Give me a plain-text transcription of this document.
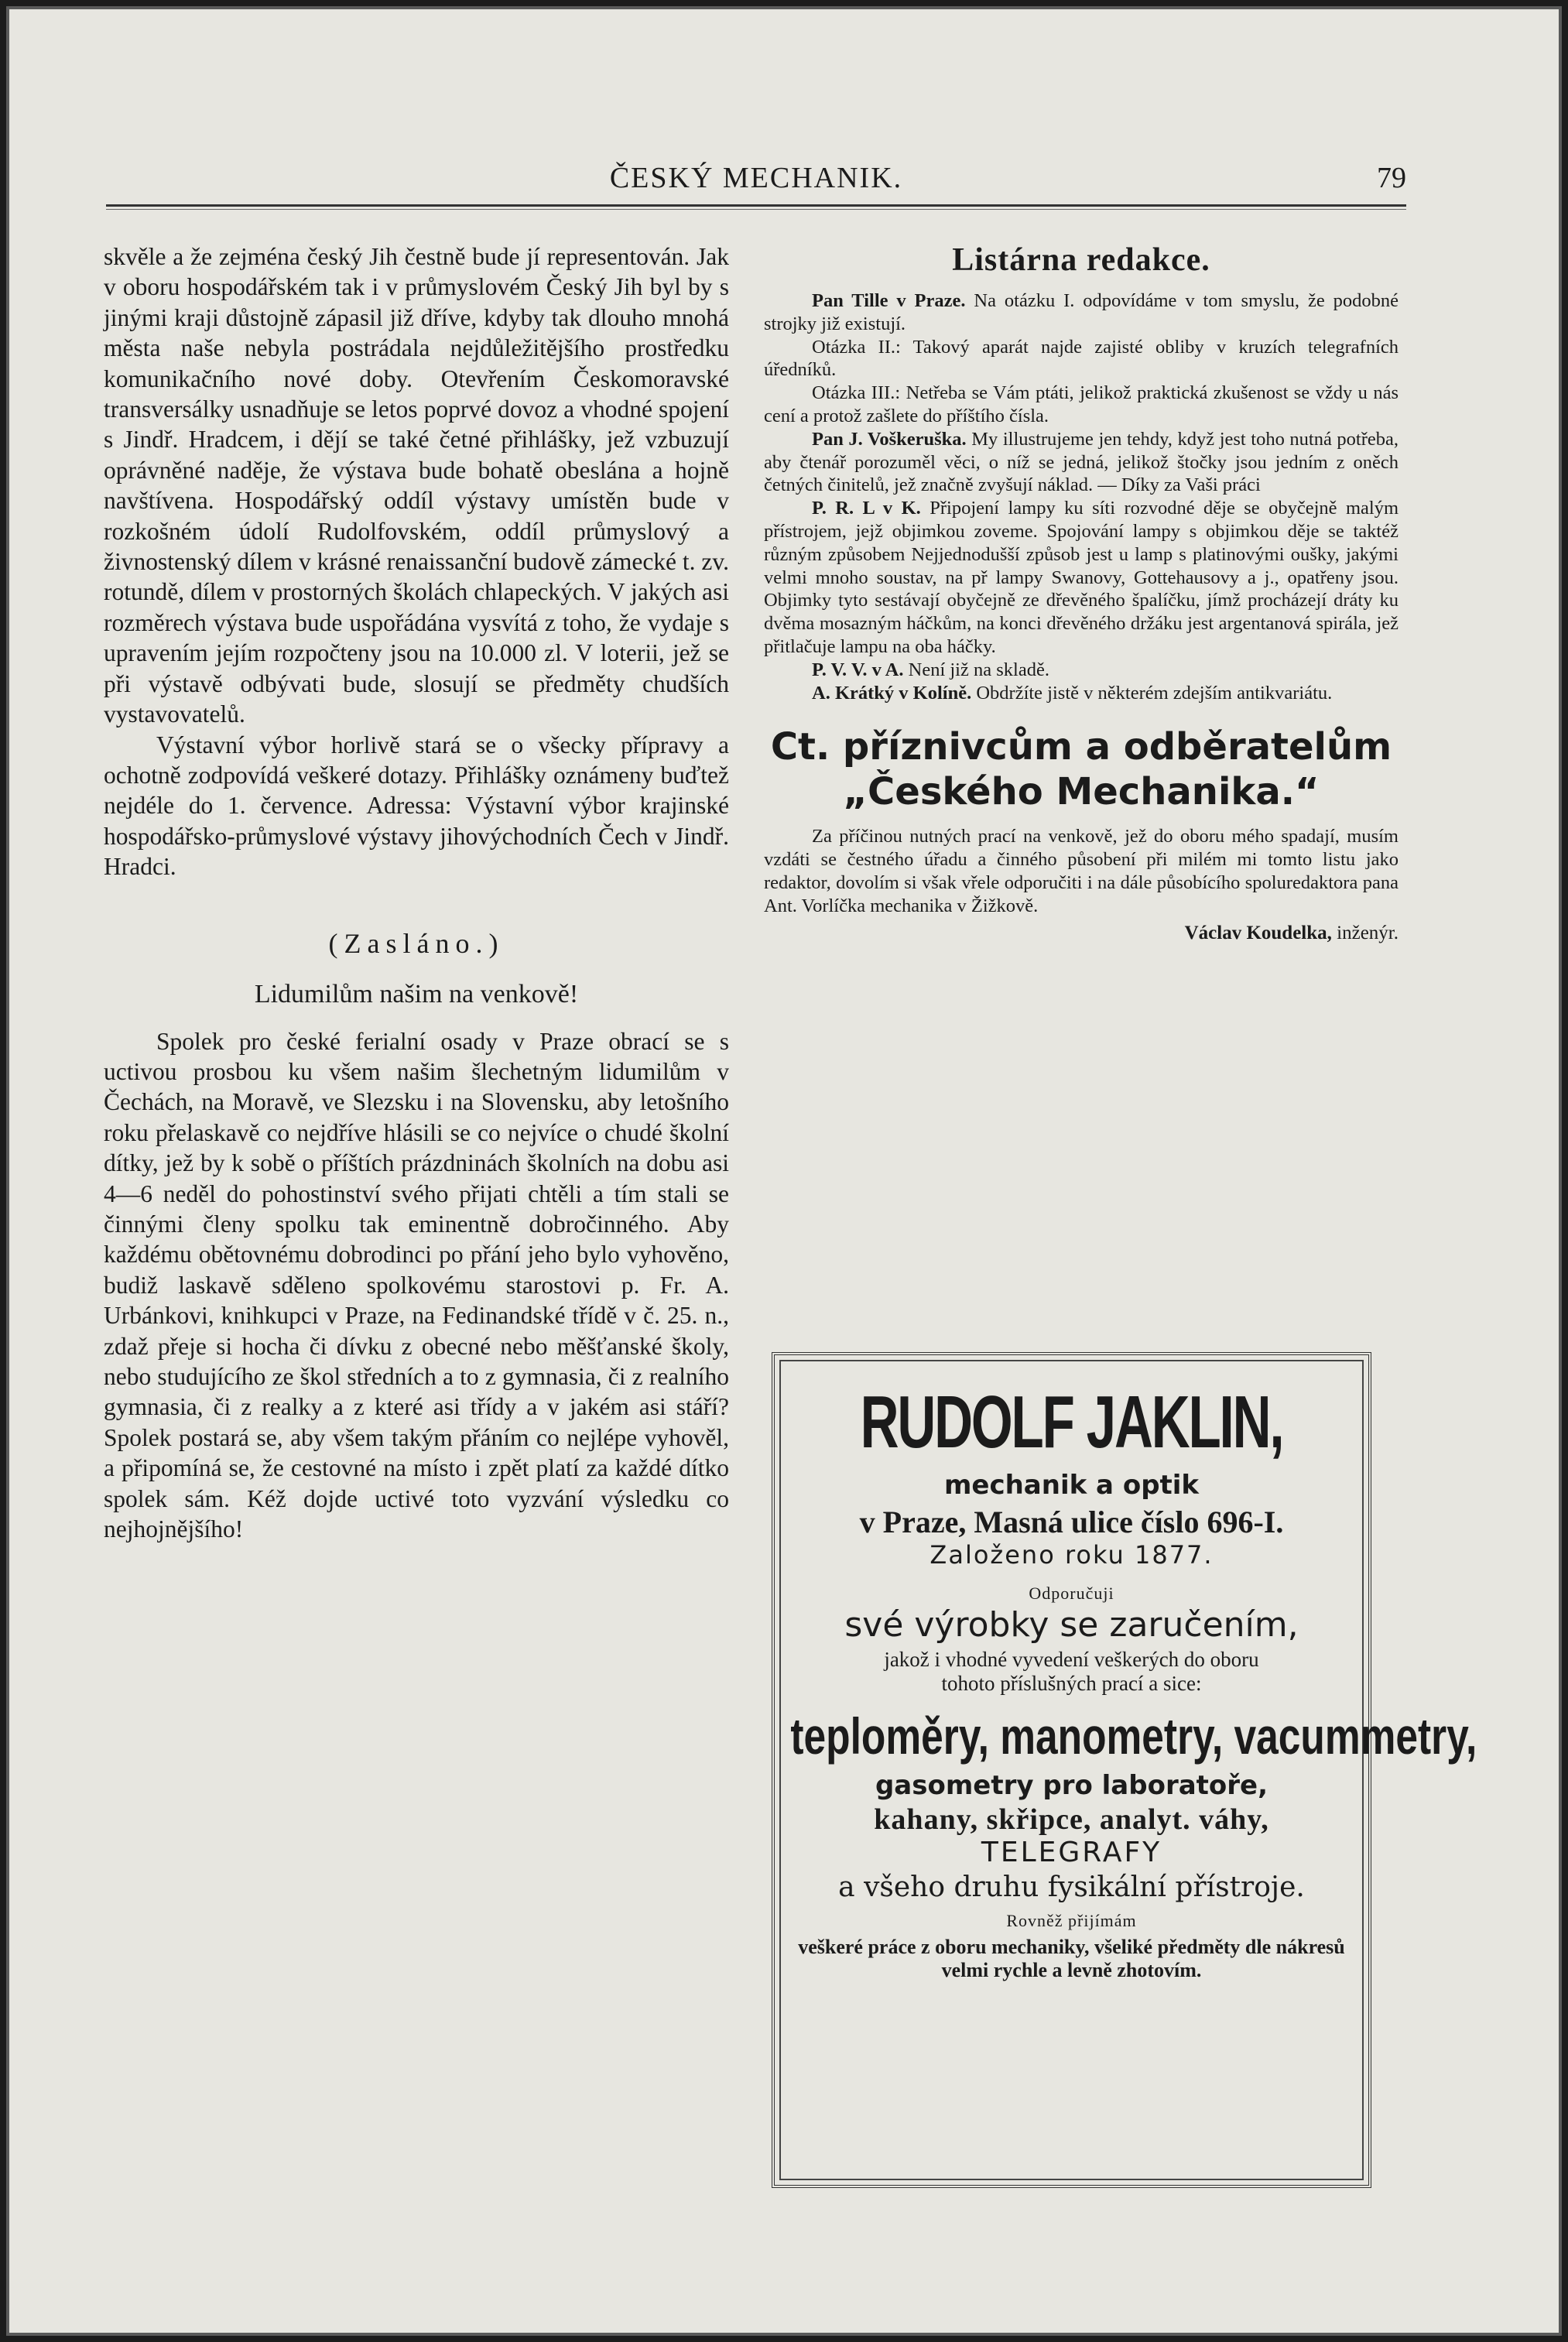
ČESKÝ MECHANIK.	79

skvěle a že zejména český Jih čestně bude jí representován. Jak v oboru hospodářském tak i v průmyslovém Český Jih byl by s jinými kraji důstojně zápasil již dříve, kdyby tak dlouho mnohá města naše nebyla postrádala nejdůležitějšího prostředku komunikačního nové doby. Otevřením Českomoravské transversálky usnadňuje se letos poprvé dovoz a vhodné spojení s Jindř. Hradcem, i dějí se také četné přihlášky, jež vzbuzují oprávněné naděje, že výstava bude bohatě obeslána a hojně navštívena. Hospodářský oddíl výstavy umístěn bude v rozkošném údolí Rudolfovském, oddíl průmyslový a živnostenský dílem v krásné renaissanční budově zámecké t. zv. rotundě, dílem v prostorných školách chlapeckých. V jakých asi rozměrech výstava bude uspořádána vysvítá z toho, že vydaje s upravením jejím rozpočteny jsou na 10.000 zl. V loterii, jež se při výstavě odbývati bude, slosují se předměty chudších vystavovatelů.

Výstavní výbor horlivě stará se o všecky přípravy a ochotně zodpovídá veškeré dotazy. Přihlášky oznámeny buďtež nejdéle do 1. července. Adressa: Výstavní výbor krajinské hospodářsko-průmyslové výstavy jihovýchodních Čech v Jindř. Hradci.

(Zasláno.)
Lidumilům našim na venkově!

Spolek pro české ferialní osady v Praze obrací se s uctivou prosbou ku všem našim šlechetným lidumilům v Čechách, na Moravě, ve Slezsku i na Slovensku, aby letošního roku přelaskavě co nejdříve hlásili se co nejvíce o chudé školní dítky, jež by k sobě o příštích prázdninách školních na dobu asi 4—6 neděl do pohostinství svého přijati chtěli a tím stali se činnými členy spolku tak eminentně dobročinného. Aby každému obětovnému dobrodinci po přání jeho bylo vyhověno, budiž laskavě sděleno spolkovému starostovi p. Fr. A. Urbánkovi, knihkupci v Praze, na Fedinandské třídě v č. 25. n., zdaž přeje si hocha či dívku z obecné nebo měšťanské školy, nebo studujícího ze škol středních a to z gymnasia, či z realního gymnasia, či z realky a z které asi třídy a v jakém asi stáří? Spolek postará se, aby všem takým přáním co nejlépe vyhověl, a připomíná se, že cestovné na místo i zpět platí za každé dítko spolek sám. Kéž dojde uctivé toto vyzvání výsledku co nejhojnějšího!

Listárna redakce.

Pan Tille v Praze. Na otázku I. odpovídáme v tom smyslu, že podobné strojky již existují.

Otázka II.: Takový aparát najde zajisté obliby v kruzích telegrafních úředníků.

Otázka III.: Netřeba se Vám ptáti, jelikož praktická zkušenost se vždy u nás cení a protož zašlete do příštího čísla.

Pan J. Voškeruška. My illustrujeme jen tehdy, když jest toho nutná potřeba, aby čtenář porozuměl věci, o níž se jedná, jelikož štočky jsou jedním z oněch četných činitelů, jež značně zvyšují náklad. — Díky za Vaši práci

P. R. L v K. Připojení lampy ku síti rozvodné děje se obyčejně malým přístrojem, jejž objimkou zoveme. Spojování lampy s objimkou děje se taktéž různým způsobem Nejjednodušší způsob jest u lamp s platinovými oušky, jakými velmi mnoho soustav, na př lampy Swanovy, Gottehausovy a j., opatřeny jsou. Objimky tyto sestávají obyčejně ze dřevěného špalíčku, jímž procházejí dráty ku dvěma mosazným háčkům, na konci dřevěného držáku jest argentanová spirála, jež přitlačuje lampu na oba háčky.

P. V. V. v A. Není již na skladě.

A. Krátký v Kolíně. Obdržíte jistě v některém zdejším antikvariátu.

Ct. příznivcům a odběratelům
„Českého Mechanika.“

Za příčinou nutných prací na venkově, jež do oboru mého spadají, musím vzdáti se čestného úřadu a činného působení při milém mi tomto listu jako redaktor, dovolím si však vřele odporučiti i na dále působícího spoluredaktora pana Ant. Vorlíčka mechanika v Žižkově.

Václav Koudelka, inženýr.
RUDOLF JAKLIN,

mechanik a optik

v Praze, Masná ulice číslo 696-I.

Založeno roku 1877.

Odporučuji

své výrobky se zaručením,

jakož i vhodné vyvedení veškerých do oboru

tohoto příslušných prací a sice:

teploměry, manometry, vacummetry,

gasometry pro laboratoře,

kahany, skřipce, analyt. váhy,

TELEGRAFY

a všeho druhu fysikální přístroje.

Rovněž přijímám

veškeré práce z oboru mechaniky, všeliké předměty dle nákresů velmi rychle a levně zhotovím.
